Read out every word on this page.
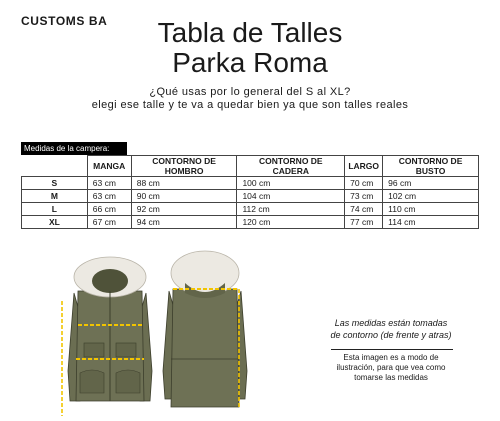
CUSTOMS BA	Tabla de Talles
Parka Roma
¿Qué usas por lo general del S al XL?
elegi ese talle y te va a quedar bien ya que son talles reales
Medidas de la campera:
	MANGA	CONTORNO DE HOMBRO	CONTORNO DE CADERA	LARGO	CONTORNO DE BUSTO
S	63 cm	88 cm	100 cm	70 cm	96 cm
M	63 cm	90 cm	104 cm	73 cm	102 cm
L	66 cm	92 cm	112 cm	74 cm	110 cm
XL	67 cm	94 cm	120 cm	77 cm	114 cm
Las medidas están tomadas
de contorno (de frente y atras)
Esta imagen es a modo de
ilustración, para que vea como
tomarse las medidas
